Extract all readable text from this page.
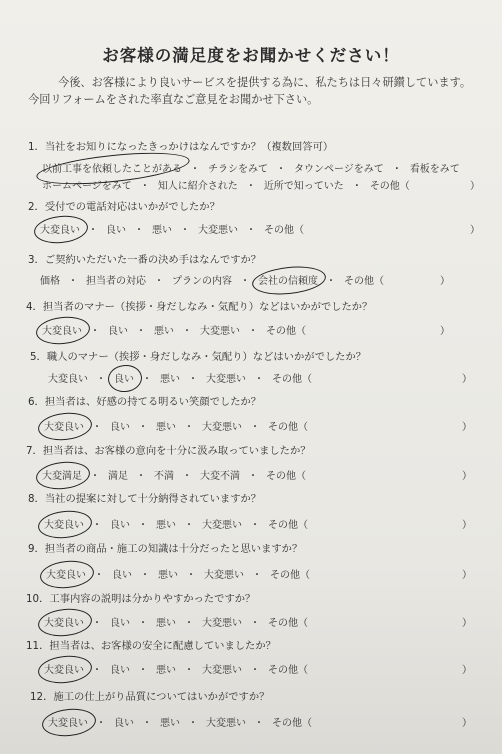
お客様の満足度をお聞かせください！
今後、お客様により良いサービスを提供する為に、私たちは日々研鑚しています。今回リフォームをされた率直なご意見をお聞かせ下さい。
1．当社をお知りになったきっかけはなんですか？（複数回答可）
以前工事を依頼したことがある ・ チラシをみて ・ タウンページをみて ・ 看板をみて
ホームページをみて ・ 知人に紹介された ・ 近所で知っていた ・ その他（	）
2．受付での電話対応はいかがでしたか？
大変良い ・ 良い ・ 悪い ・ 大変悪い ・ その他（	）
3．ご契約いただいた一番の決め手はなんですか？
価格 ・ 担当者の対応 ・ プランの内容 ・ 会社の信頼度 ・ その他（	）
4．担当者のマナー（挨拶・身だしなみ・気配り）などはいかがでしたか？
大変良い ・ 良い ・ 悪い ・ 大変悪い ・ その他（	）
5．職人のマナー（挨拶・身だしなみ・気配り）などはいかがでしたか？
大変良い ・ 良い ・ 悪い ・ 大変悪い ・ その他（	）
6．担当者は、好感の持てる明るい笑顔でしたか？
大変良い ・ 良い ・ 悪い ・ 大変悪い ・ その他（	）
7．担当者は、お客様の意向を十分に汲み取っていましたか？
大変満足 ・ 満足 ・ 不満 ・ 大変不満 ・ その他（	）
8．当社の提案に対して十分納得されていますか？
大変良い ・ 良い ・ 悪い ・ 大変悪い ・ その他（	）
9．担当者の商品・施工の知識は十分だったと思いますか？
大変良い ・ 良い ・ 悪い ・ 大変悪い ・ その他（	）
10．工事内容の説明は分かりやすかったですか？
大変良い ・ 良い ・ 悪い ・ 大変悪い ・ その他（	）
11．担当者は、お客様の安全に配慮していましたか？
大変良い ・ 良い ・ 悪い ・ 大変悪い ・ その他（	）
12．施工の仕上がり品質についてはいかがですか？
大変良い ・ 良い ・ 悪い ・ 大変悪い ・ その他（	）
